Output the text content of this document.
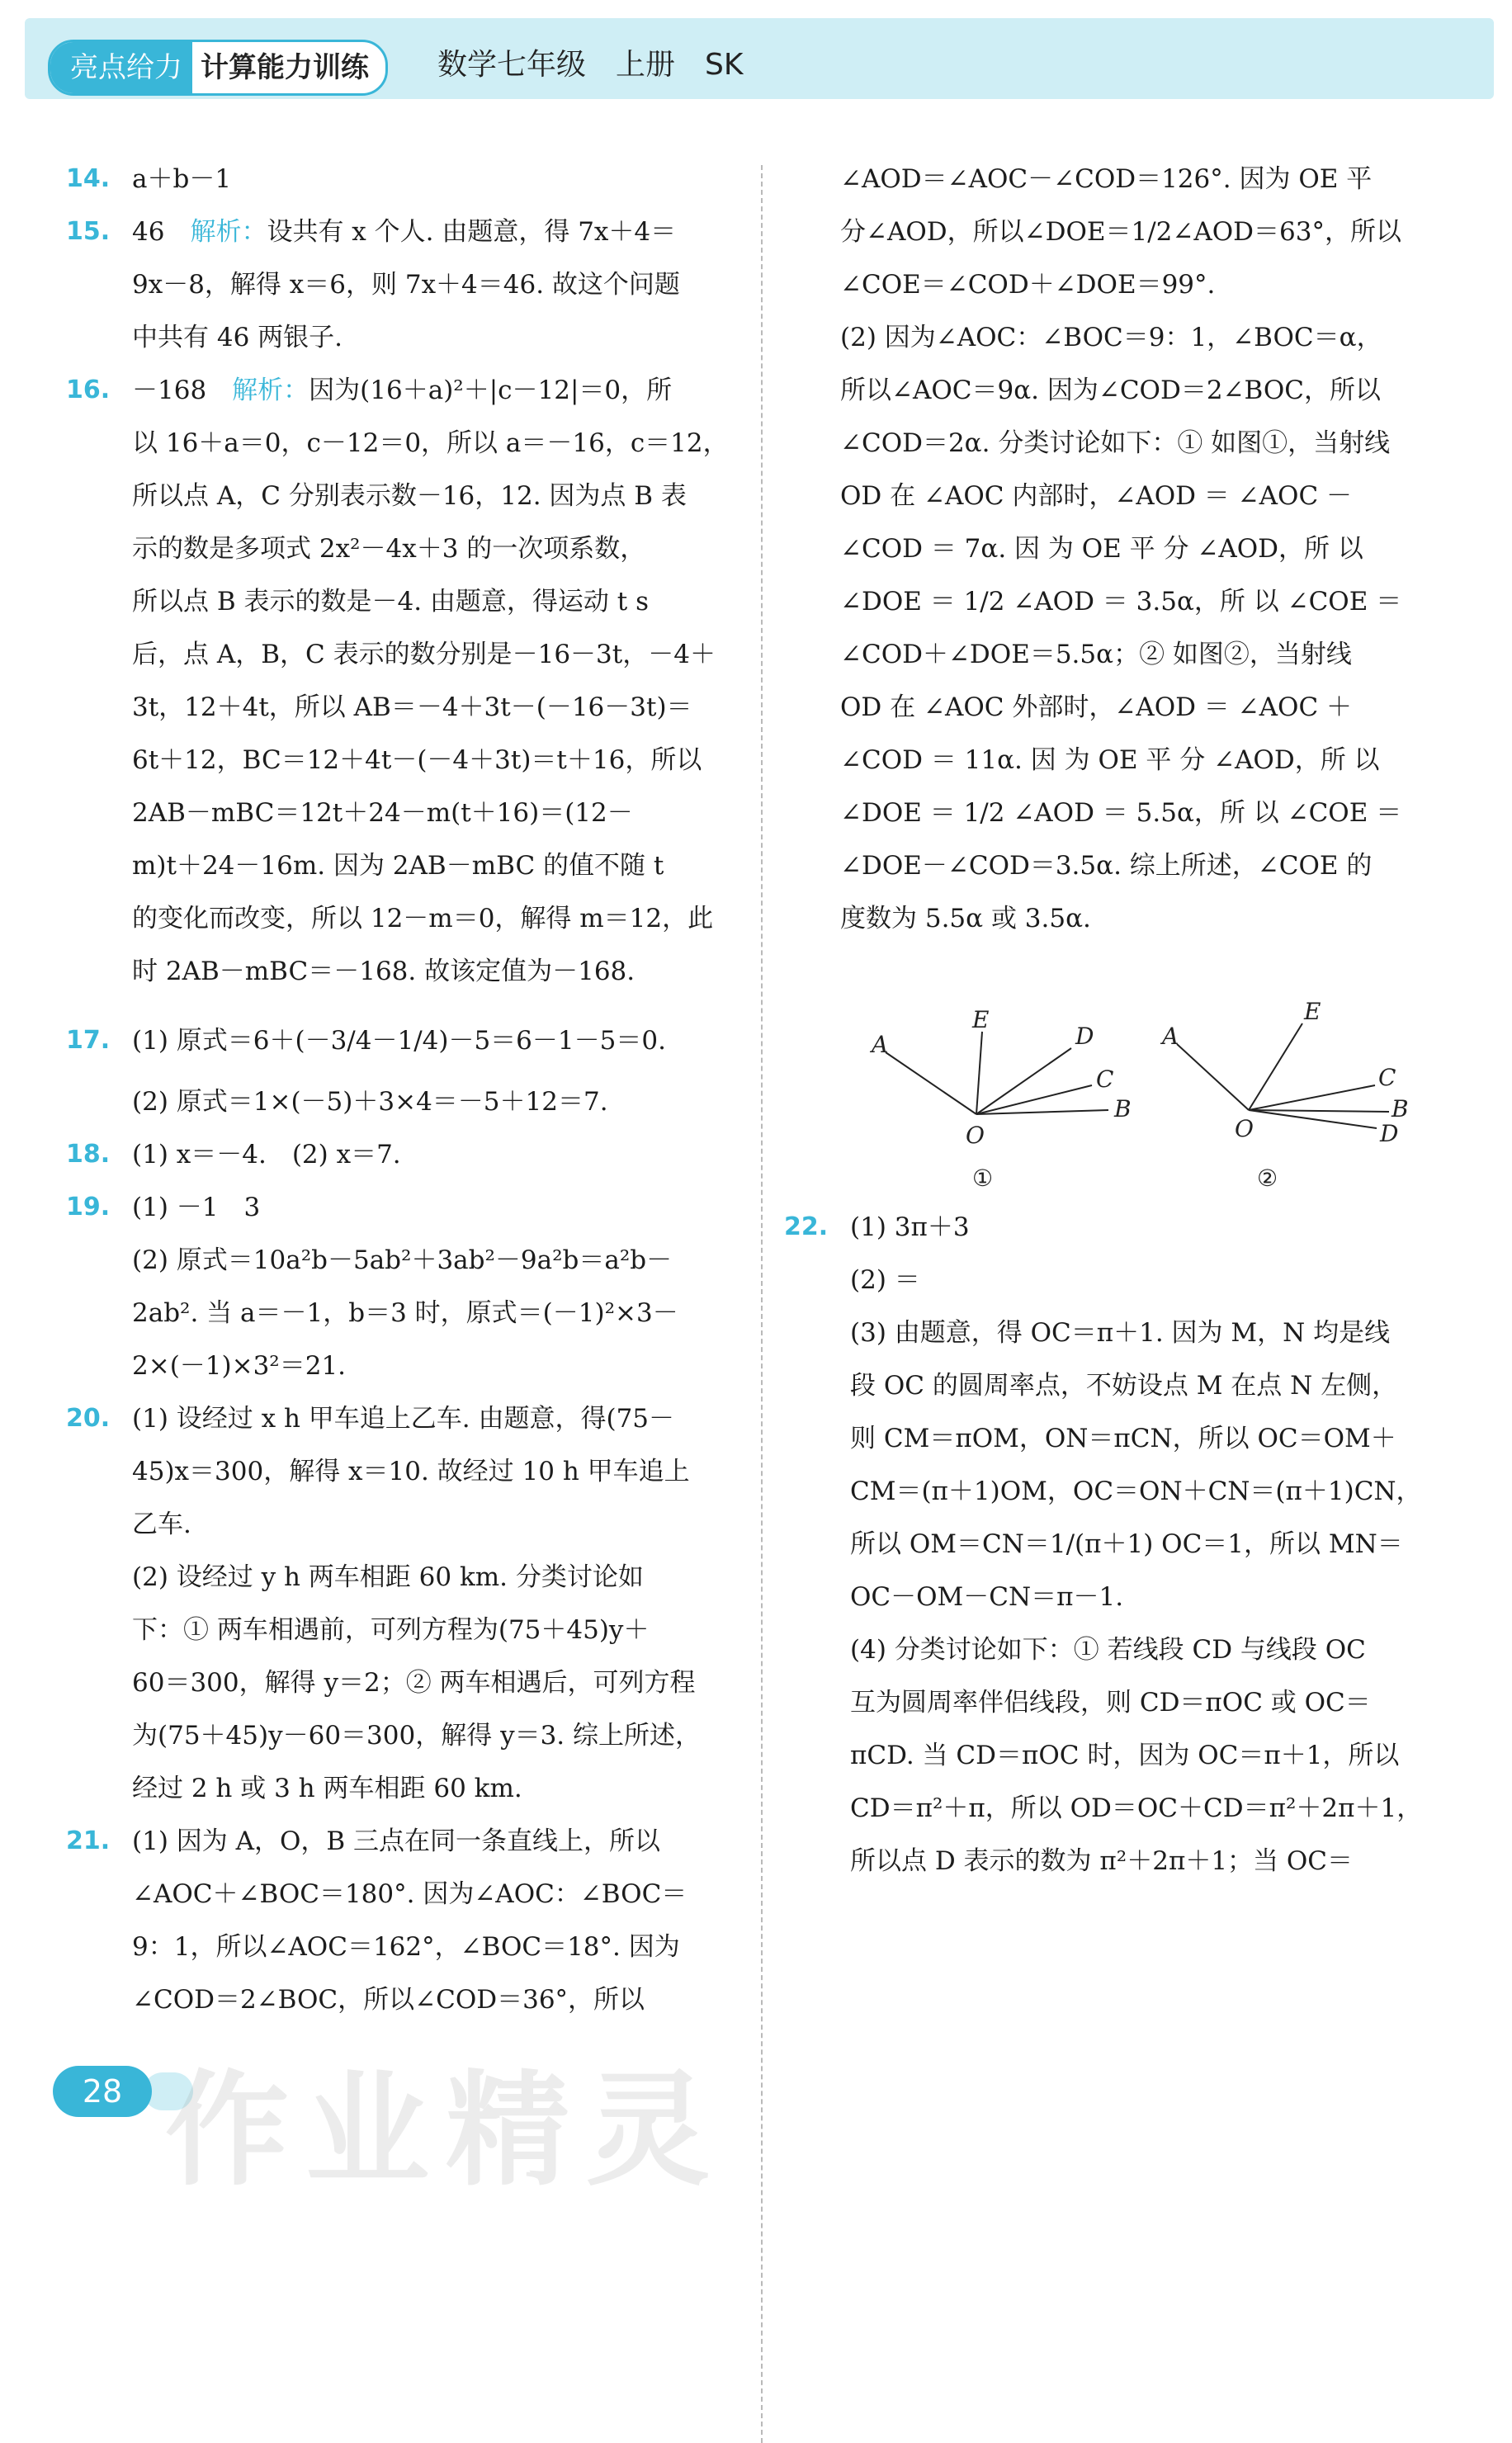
亮点给力 计算能力训练	数学七年级　上册　SK
14. a＋b－1
15. 46　解析：设共有 x 个人. 由题意，得 7x＋4＝
9x－8，解得 x＝6，则 7x＋4＝46. 故这个问题
中共有 46 两银子.
16. －168　解析：因为(16＋a)²＋|c－12|＝0，所
以 16＋a＝0，c－12＝0，所以 a＝－16，c＝12，
所以点 A，C 分别表示数－16，12. 因为点 B 表
示的数是多项式 2x²－4x＋3 的一次项系数，
所以点 B 表示的数是－4. 由题意，得运动 t s
后，点 A，B，C 表示的数分别是－16－3t，－4＋
3t，12＋4t，所以 AB＝－4＋3t－(－16－3t)＝
6t＋12，BC＝12＋4t－(－4＋3t)＝t＋16，所以
2AB－mBC＝12t＋24－m(t＋16)＝(12－
m)t＋24－16m. 因为 2AB－mBC 的值不随 t
的变化而改变，所以 12－m＝0，解得 m＝12，此
时 2AB－mBC＝－168. 故该定值为－168.
17. (1) 原式＝6＋(－3/4－1/4)－5＝6－1－5＝0.
(2) 原式＝1×(－5)＋3×4＝－5＋12＝7.
18. (1) x＝－4.　(2) x＝7.
19. (1) －1　3
(2) 原式＝10a²b－5ab²＋3ab²－9a²b＝a²b－
2ab². 当 a＝－1，b＝3 时，原式＝(－1)²×3－
2×(－1)×3²＝21.
20. (1) 设经过 x h 甲车追上乙车. 由题意，得(75－
45)x＝300，解得 x＝10. 故经过 10 h 甲车追上
乙车.
(2) 设经过 y h 两车相距 60 km. 分类讨论如
下：① 两车相遇前，可列方程为(75＋45)y＋
60＝300，解得 y＝2；② 两车相遇后，可列方程
为(75＋45)y－60＝300，解得 y＝3. 综上所述，
经过 2 h 或 3 h 两车相距 60 km.
21. (1) 因为 A，O，B 三点在同一条直线上，所以
∠AOC＋∠BOC＝180°. 因为∠AOC：∠BOC＝
9：1，所以∠AOC＝162°，∠BOC＝18°. 因为
∠COD＝2∠BOC，所以∠COD＝36°，所以
∠AOD＝∠AOC－∠COD＝126°. 因为 OE 平
分∠AOD，所以∠DOE＝1/2∠AOD＝63°，所以
∠COE＝∠COD＋∠DOE＝99°.
(2) 因为∠AOC：∠BOC＝9：1，∠BOC＝α，
所以∠AOC＝9α. 因为∠COD＝2∠BOC，所以
∠COD＝2α. 分类讨论如下：① 如图①，当射线
OD 在 ∠AOC 内部时，∠AOD ＝ ∠AOC －
∠COD ＝ 7α. 因 为 OE 平 分 ∠AOD，所 以
∠DOE ＝ 1/2 ∠AOD ＝ 3.5α，所 以 ∠COE ＝
∠COD＋∠DOE＝5.5α；② 如图②，当射线
OD 在 ∠AOC 外部时，∠AOD ＝ ∠AOC ＋
∠COD ＝ 11α. 因 为 OE 平 分 ∠AOD，所 以
∠DOE ＝ 1/2 ∠AOD ＝ 5.5α，所 以 ∠COE ＝
∠DOE－∠COD＝3.5α. 综上所述，∠COE 的
度数为 5.5α 或 3.5α.
A
E
D
C
B
O
①
A
E
C
B
D
O
②
22. (1) 3π＋3
(2) ＝
(3) 由题意，得 OC＝π＋1. 因为 M，N 均是线
段 OC 的圆周率点，不妨设点 M 在点 N 左侧，
则 CM＝πOM，ON＝πCN，所以 OC＝OM＋
CM＝(π＋1)OM，OC＝ON＋CN＝(π＋1)CN，
所以 OM＝CN＝1/(π＋1) OC＝1，所以 MN＝
OC－OM－CN＝π－1.
(4) 分类讨论如下：① 若线段 CD 与线段 OC
互为圆周率伴侣线段，则 CD＝πOC 或 OC＝
πCD. 当 CD＝πOC 时，因为 OC＝π＋1，所以
CD＝π²＋π，所以 OD＝OC＋CD＝π²＋2π＋1，
所以点 D 表示的数为 π²＋2π＋1；当 OC＝
作业精灵
28
